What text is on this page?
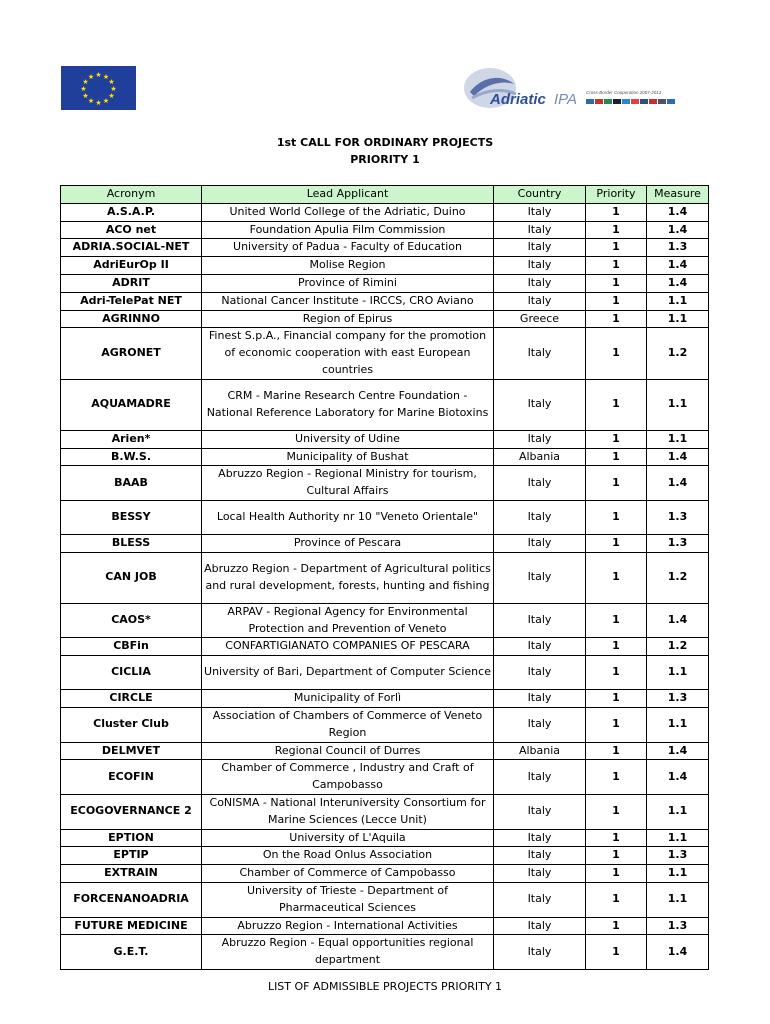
★ ★
★
★
★
★
★
★
★
★
★
★
Adriatic IPA Cross-Border Cooperation 2007-2013
1st CALL FOR ORDINARY PROJECTS
PRIORITY 1
Acronym	Lead Applicant	Country	Priority	Measure
A.S.A.P.	United World College of the Adriatic, Duino	Italy	1	1.4
ACO net	Foundation Apulia Film Commission	Italy	1	1.4
ADRIA.SOCIAL-NET	University of Padua - Faculty of Education	Italy	1	1.3
AdriEurOp II	Molise Region	Italy	1	1.4
ADRIT	Province of Rimini	Italy	1	1.4
Adri-TelePat NET	National Cancer Institute - IRCCS, CRO Aviano	Italy	1	1.1
AGRINNO	Region of Epirus	Greece	1	1.1
AGRONET	Finest S.p.A., Financial company for the promotion of economic cooperation with east European countries	Italy	1	1.2
AQUAMADRE	CRM - Marine Research Centre Foundation - National Reference Laboratory for Marine Biotoxins	Italy	1	1.1
Arien*	University of Udine	Italy	1	1.1
B.W.S.	Municipality of Bushat	Albania	1	1.4
BAAB	Abruzzo Region - Regional Ministry for tourism, Cultural Affairs	Italy	1	1.4
BESSY	Local Health Authority nr 10 "Veneto Orientale"	Italy	1	1.3
BLESS	Province of Pescara	Italy	1	1.3
CAN JOB	Abruzzo Region - Department of Agricultural politics and rural development, forests, hunting and fishing	Italy	1	1.2
CAOS*	ARPAV - Regional Agency for Environmental Protection and Prevention of Veneto	Italy	1	1.4
CBFin	CONFARTIGIANATO COMPANIES OF PESCARA	Italy	1	1.2
CICLIA	University of Bari, Department of Computer Science	Italy	1	1.1
CIRCLE	Municipality of Forlì	Italy	1	1.3
Cluster Club	Association of Chambers of Commerce of Veneto Region	Italy	1	1.1
DELMVET	Regional Council of Durres	Albania	1	1.4
ECOFIN	Chamber of Commerce , Industry and Craft of Campobasso	Italy	1	1.4
ECOGOVERNANCE 2	CoNISMA - National Interuniversity Consortium for Marine Sciences (Lecce Unit)	Italy	1	1.1
EPTION	University of L'Aquila	Italy	1	1.1
EPTIP	On the Road Onlus Association	Italy	1	1.3
EXTRAIN	Chamber of Commerce of Campobasso	Italy	1	1.1
FORCENANOADRIA	University of Trieste - Department of Pharmaceutical Sciences	Italy	1	1.1
FUTURE MEDICINE	Abruzzo Region - International Activities	Italy	1	1.3
G.E.T.	Abruzzo Region - Equal opportunities regional department	Italy	1	1.4
LIST OF ADMISSIBLE PROJECTS PRIORITY 1
